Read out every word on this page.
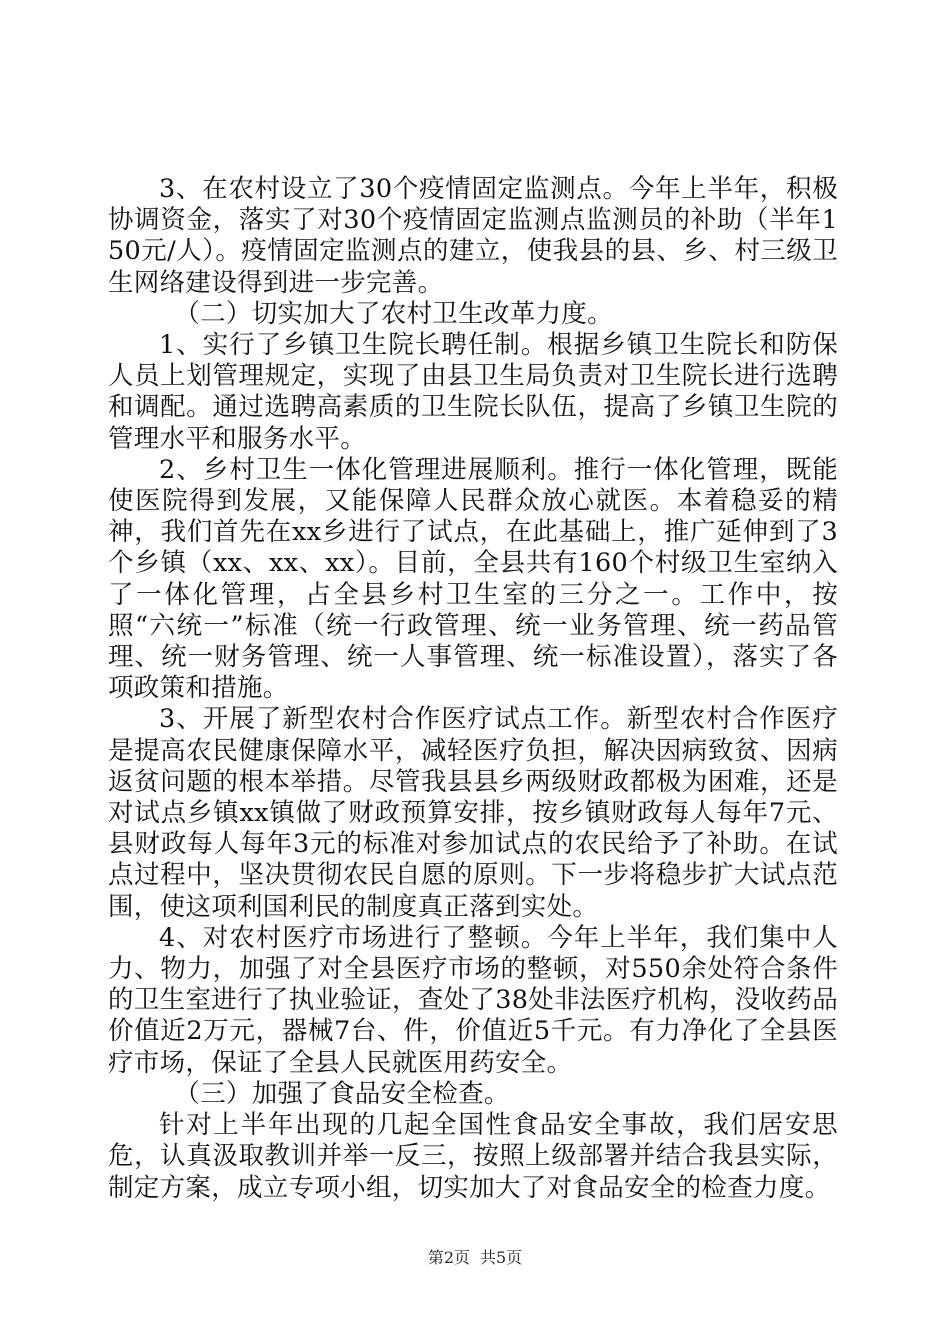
3、在农村设立了30个疫情固定监测点。今年上半年，积极协调资金，落实了对30个疫情固定监测点监测员的补助（半年150元/人）。疫情固定监测点的建立，使我县的县、乡、村三级卫生网络建设得到进一步完善。

（二）切实加大了农村卫生改革力度。

1、实行了乡镇卫生院长聘任制。根据乡镇卫生院长和防保人员上划管理规定，实现了由县卫生局负责对卫生院长进行选聘和调配。通过选聘高素质的卫生院长队伍，提高了乡镇卫生院的管理水平和服务水平。

2、乡村卫生一体化管理进展顺利。推行一体化管理，既能使医院得到发展，又能保障人民群众放心就医。本着稳妥的精神，我们首先在xx乡进行了试点，在此基础上，推广延伸到了3个乡镇（xx、xx、xx）。目前，全县共有160个村级卫生室纳入了一体化管理，占全县乡村卫生室的三分之一。工作中，按照“六统一”标准（统一行政管理、统一业务管理、统一药品管理、统一财务管理、统一人事管理、统一标准设置），落实了各项政策和措施。

3、开展了新型农村合作医疗试点工作。新型农村合作医疗是提高农民健康保障水平，减轻医疗负担，解决因病致贫、因病返贫问题的根本举措。尽管我县县乡两级财政都极为困难，还是对试点乡镇xx镇做了财政预算安排，按乡镇财政每人每年7元、县财政每人每年3元的标准对参加试点的农民给予了补助。在试点过程中，坚决贯彻农民自愿的原则。下一步将稳步扩大试点范围，使这项利国利民的制度真正落到实处。

4、对农村医疗市场进行了整顿。今年上半年，我们集中人力、物力，加强了对全县医疗市场的整顿，对550余处符合条件的卫生室进行了执业验证，查处了38处非法医疗机构，没收药品价值近2万元，器械7台、件，价值近5千元。有力净化了全县医疗市场，保证了全县人民就医用药安全。

（三）加强了食品安全检查。

针对上半年出现的几起全国性食品安全事故，我们居安思危，认真汲取教训并举一反三，按照上级部署并结合我县实际，制定方案，成立专项小组，切实加大了对食品安全的检查力度。

第2页 共5页
